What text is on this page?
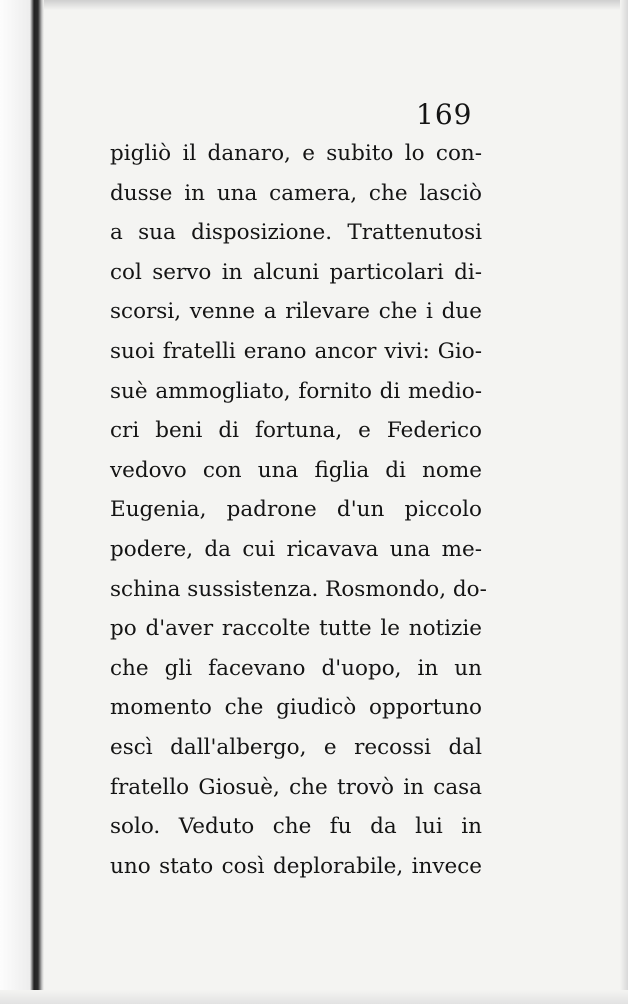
169
pigliò il danaro, e subito lo con-
dusse in una camera, che lasciò
a sua disposizione. Trattenutosi
col servo in alcuni particolari di-
scorsi, venne a rilevare che i due
suoi fratelli erano ancor vivi: Gio-
suè ammogliato, fornito di medio-
cri beni di fortuna, e Federico
vedovo con una figlia di nome
Eugenia, padrone d'un piccolo
podere, da cui ricavava una me-
schina sussistenza. Rosmondo, do-
po d'aver raccolte tutte le notizie
che gli facevano d'uopo, in un
momento che giudicò opportuno
escì dall'albergo, e recossi dal
fratello Giosuè, che trovò in casa
solo. Veduto che fu da lui in
uno stato così deplorabile, invece
